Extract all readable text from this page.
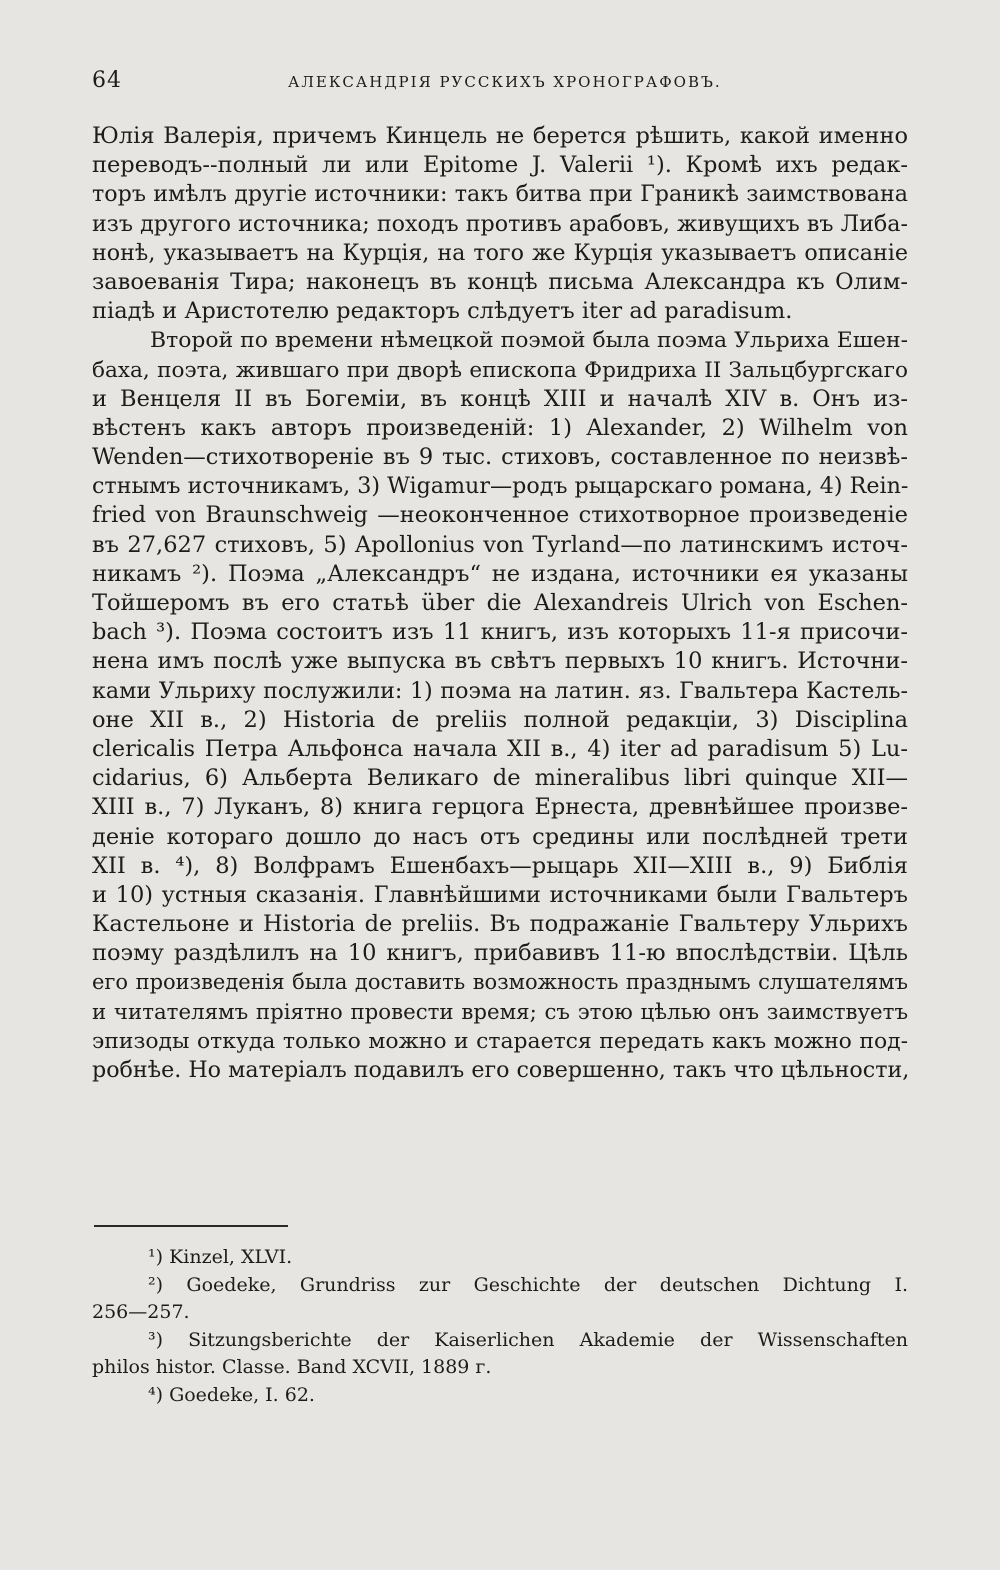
64	АЛЕКСАНДРІЯ РУССКИХЪ ХРОНОГРАФОВЪ.
Юлія Валерія, причемъ Кинцель не берется рѣшить, какой именно
переводъ--полный ли или Epitome J. Valerii ¹). Кромѣ ихъ редак-
торъ имѣлъ другіе источники: такъ битва при Граникѣ заимствована
изъ другого источника; походъ противъ арабовъ, живущихъ въ Либа-
нонѣ, указываетъ на Курція, на того же Курція указываетъ описаніе
завоеванія Тира; наконецъ въ концѣ письма Александра къ Олим-
піадѣ и Аристотелю редакторъ слѣдуетъ iter ad paradisum.
Второй по времени нѣмецкой поэмой была поэма Ульриха Ешен-
баха, поэта, жившаго при дворѣ епископа Фридриха II Зальцбургскаго
и Венцеля II въ Богеміи, въ концѣ XIII и началѣ XIV в. Онъ из-
вѣстенъ какъ авторъ произведеній: 1) Alexander, 2) Wilhelm von
Wenden—стихотвореніе въ 9 тыс. стиховъ, составленное по неизвѣ-
стнымъ источникамъ, 3) Wigamur—родъ рыцарскаго романа, 4) Rein-
fried von Braunschweig —неоконченное стихотворное произведеніе
въ 27,627 стиховъ, 5) Apollonius von Tyrland—по латинскимъ источ-
никамъ ²). Поэма „Александръ“ не издана, источники ея указаны
Тойшеромъ въ его статьѣ über die Alexandreis Ulrich von Eschen-
bach ³). Поэма состоитъ изъ 11 книгъ, изъ которыхъ 11-я присочи-
нена имъ послѣ уже выпуска въ свѣтъ первыхъ 10 книгъ. Источни-
ками Ульриху послужили: 1) поэма на латин. яз. Гвальтера Кастель-
оне XII в., 2) Historia de preliis полной редакціи, 3) Disciplina
clericalis Петра Альфонса начала XII в., 4) iter ad paradisum 5) Lu-
cidarius, 6) Альберта Великаго de mineralibus libri quinque XII—
XIII в., 7) Луканъ, 8) книга герцога Ернеста, древнѣйшее произве-
деніе котораго дошло до насъ отъ средины или послѣдней трети
XII в. ⁴), 8) Волфрамъ Ешенбахъ—рыцарь XII—XIII в., 9) Библія
и 10) устныя сказанія. Главнѣйшими источниками были Гвальтеръ
Кастельоне и Historia de preliis. Въ подражаніе Гвальтеру Ульрихъ
поэму раздѣлилъ на 10 книгъ, прибавивъ 11-ю впослѣдствіи. Цѣль
его произведенія была доставить возможность празднымъ слушателямъ
и читателямъ пріятно провести время; съ этою цѣлью онъ заимствуетъ
эпизоды откуда только можно и старается передать какъ можно под-
робнѣе. Но матеріалъ подавилъ его совершенно, такъ что цѣльности,
¹) Kinzel, XLVI.
²) Goedeke, Grundriss zur Geschichte der deutschen Dichtung I.
256—257.
³) Sitzungsberichte der Kaiserlichen Akademie der Wissenschaften
philos histor. Classe. Band XCVII, 1889 г.
⁴) Goedeke, I. 62.
